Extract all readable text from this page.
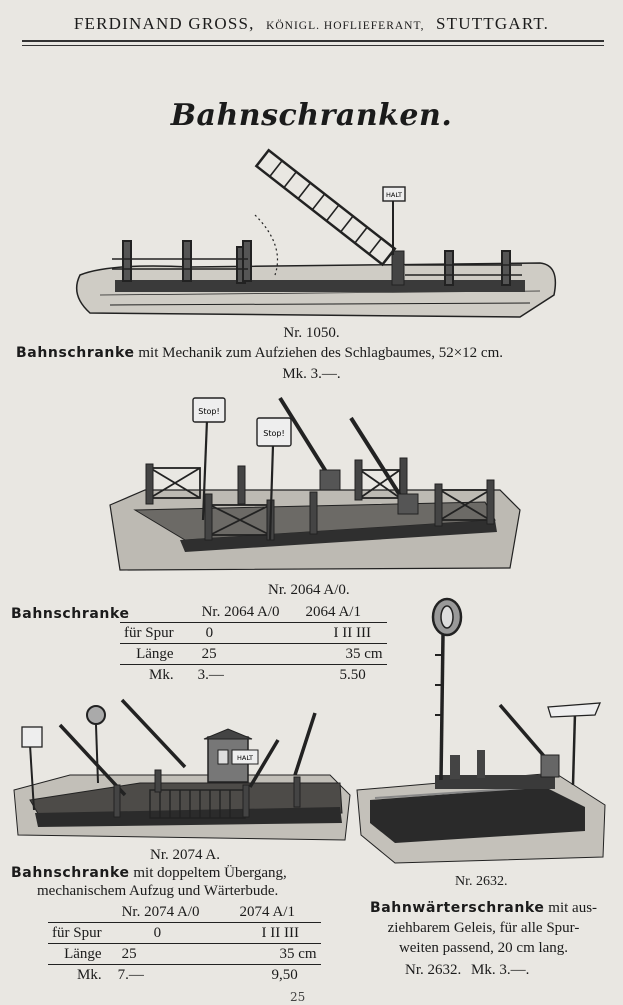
FERDINAND GROSS, KÖNIGL. HOFLIEFERANT, STUTTGART.
Bahnschranken.
HALT
Nr. 1050.
Bahnschranke mit Mechanik zum Aufziehen des Schlagbaumes, 52×12 cm.
Mk. 3.—.
Stop!
Stop!
Nr. 2064 A/0.
Bahnschranke
		Nr. 2064 A/0	2064 A/1
für Spur	0	I II III
Länge	25	35 cm
Mk.	3.—	5.50
HALT
Nr. 2074 A.
Bahnschranke mit doppeltem Übergang,
mechanischem Aufzug und Wärterbude.
	Nr. 2074 A/0	2074 A/1
für Spur	0	I II III
Länge	25	35 cm
Mk.	7.—	9,50
Nr. 2632.
Bahnwärterschranke mit aus-
ziehbarem Geleis, für alle Spur-
weiten passend, 20 cm lang.
Nr. 2632. Mk. 3.—.
25
